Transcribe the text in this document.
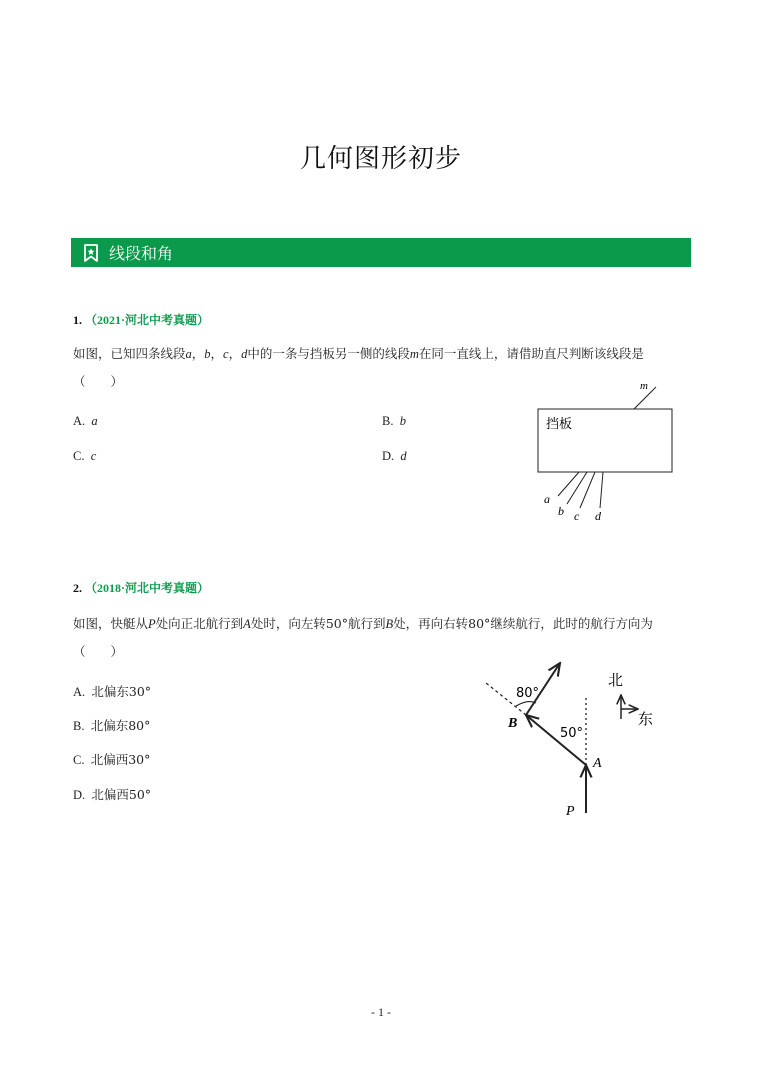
几何图形初步
线段和角
1. （2021·河北中考真题）
如图，已知四条线段a，b，c，d中的一条与挡板另一侧的线段m在同一直线上，请借助直尺判断该线段是
（　　）
A. a	B. b
C. c	D. d
m
挡板
a
b c d
2. （2018·河北中考真题）
如图，快艇从P处向正北航行到A处时，向左转50°航行到B处，再向右转80°继续航行，此时的航行方向为
（　　）
A. 北偏东30°
B. 北偏东80°
C. 北偏西30°
D. 北偏西50°
80°
50°
B
A
P
北
东
- 1 -
